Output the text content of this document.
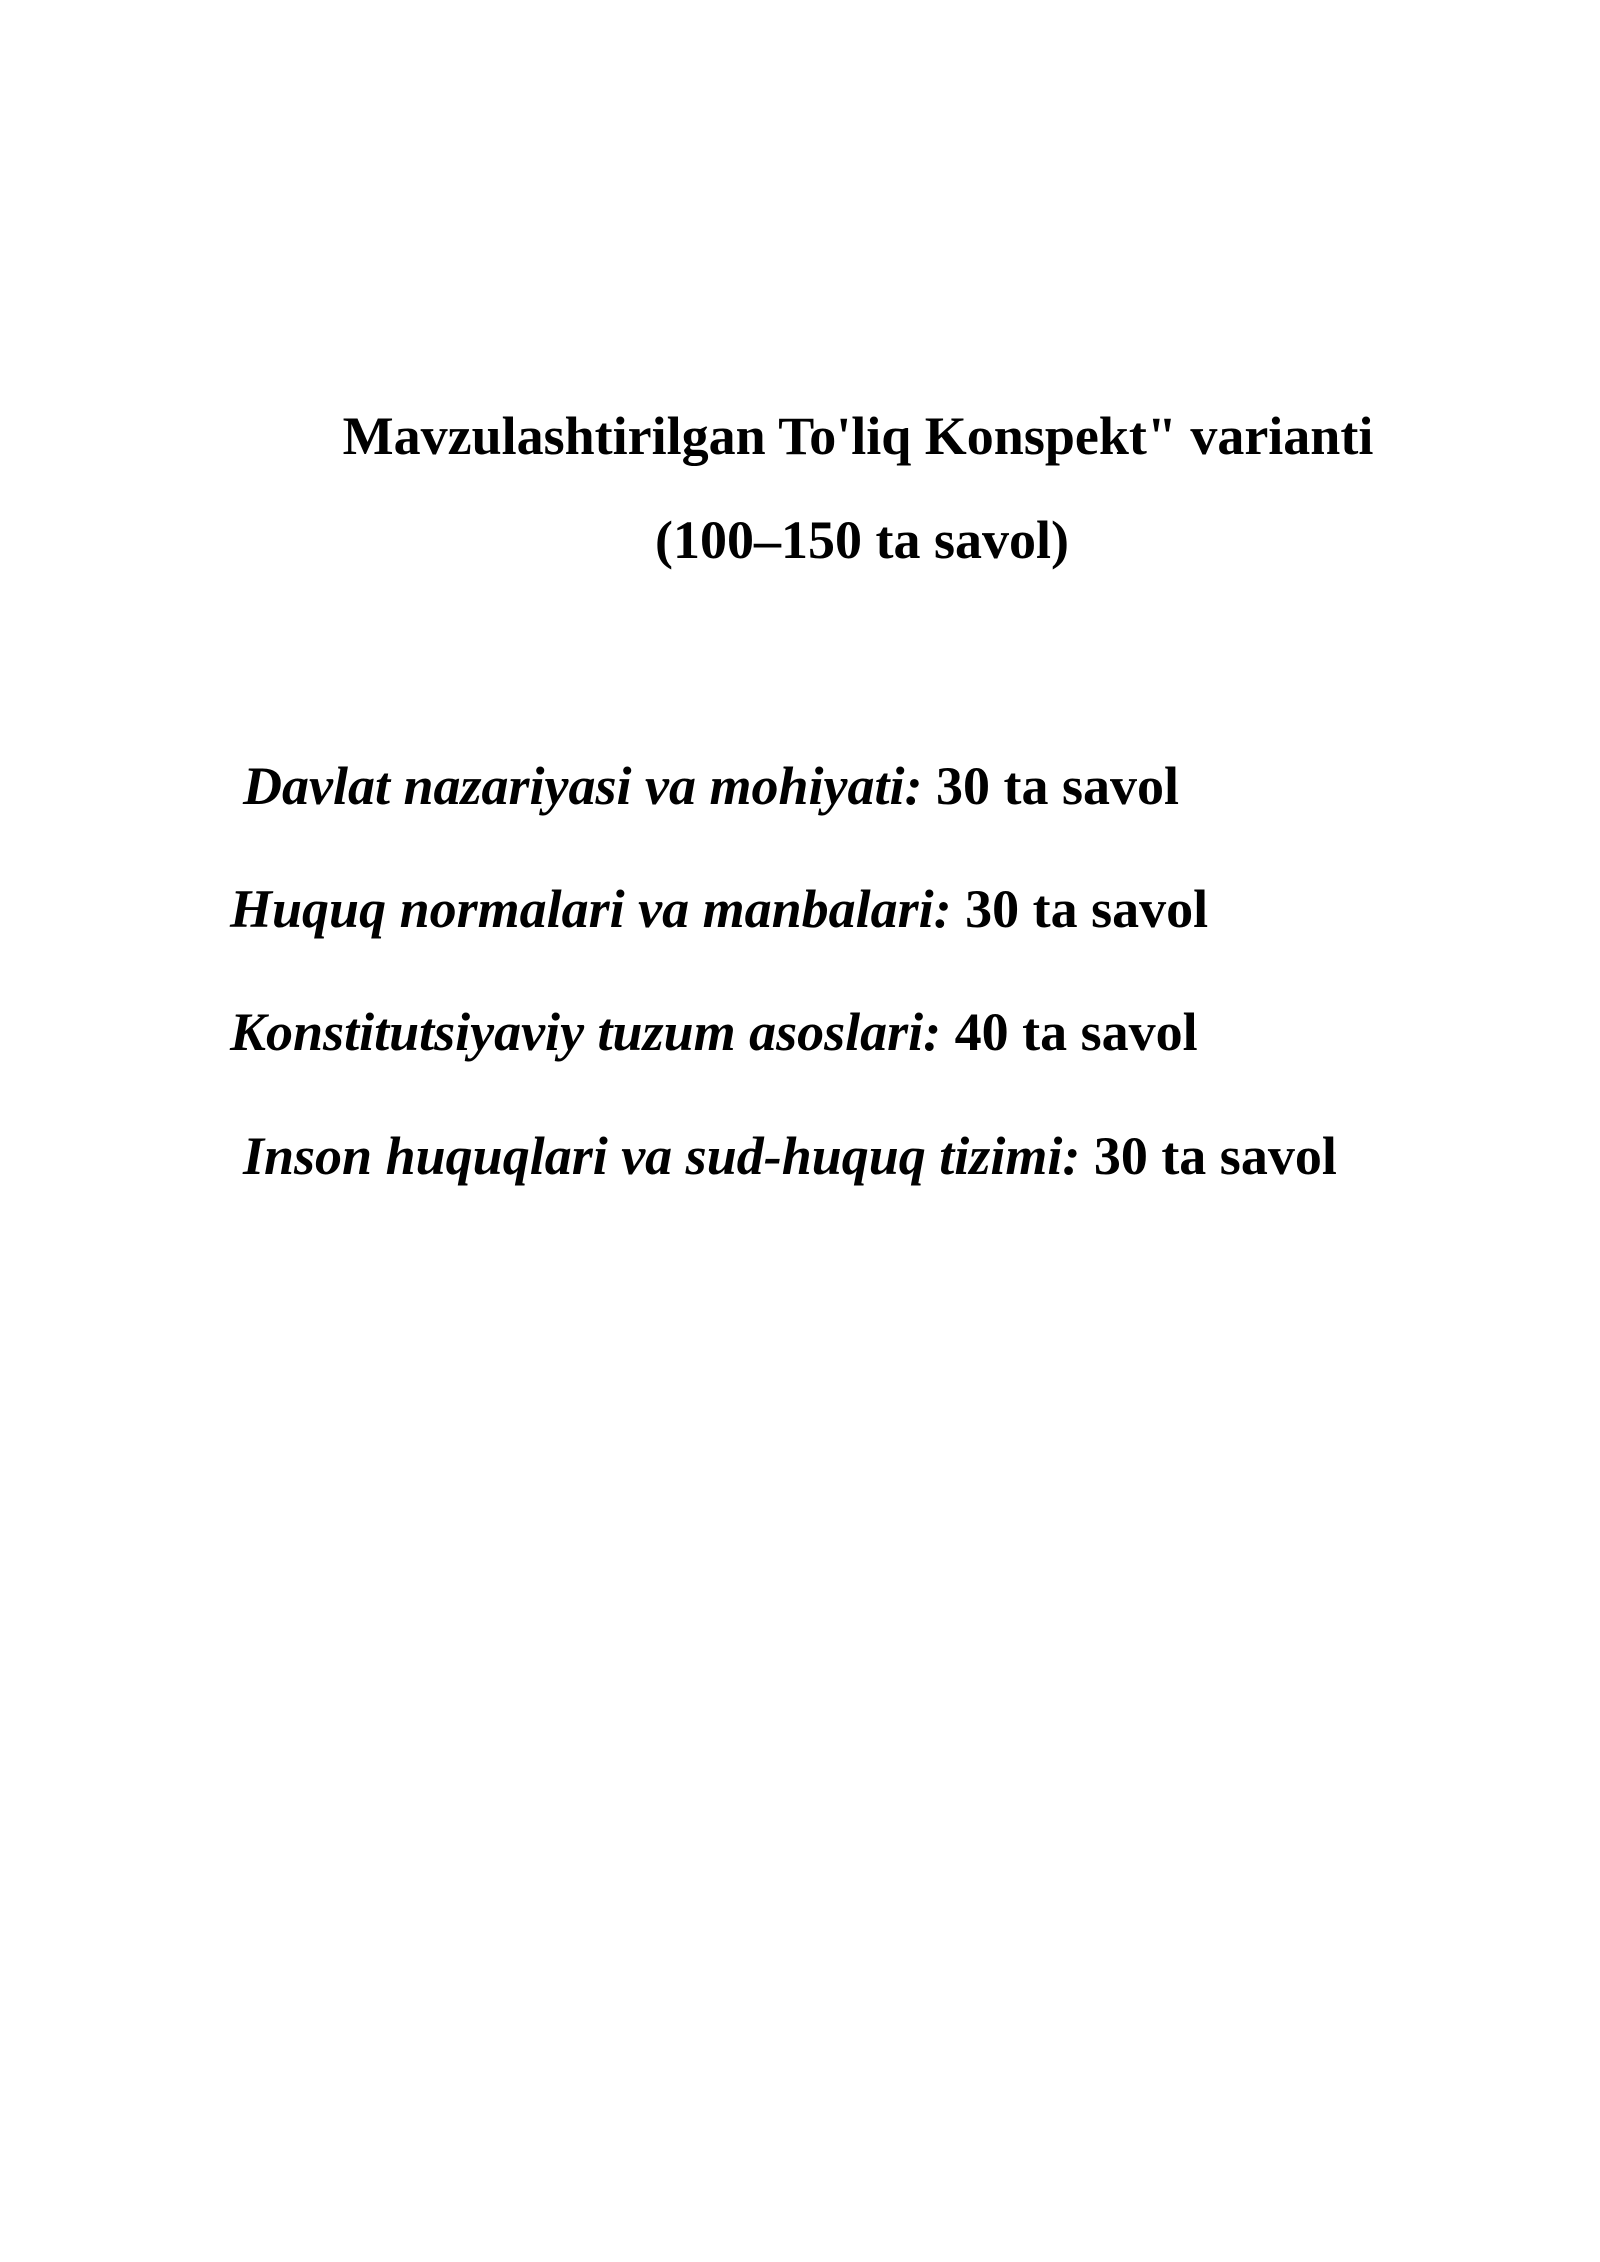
Mavzulashtirilgan To'liq Konspekt" varianti
(100–150 ta savol)
Davlat nazariyasi va mohiyati: 30 ta savol
Huquq normalari va manbalari: 30 ta savol
Konstitutsiyaviy tuzum asoslari: 40 ta savol
Inson huquqlari va sud-huquq tizimi: 30 ta savol
